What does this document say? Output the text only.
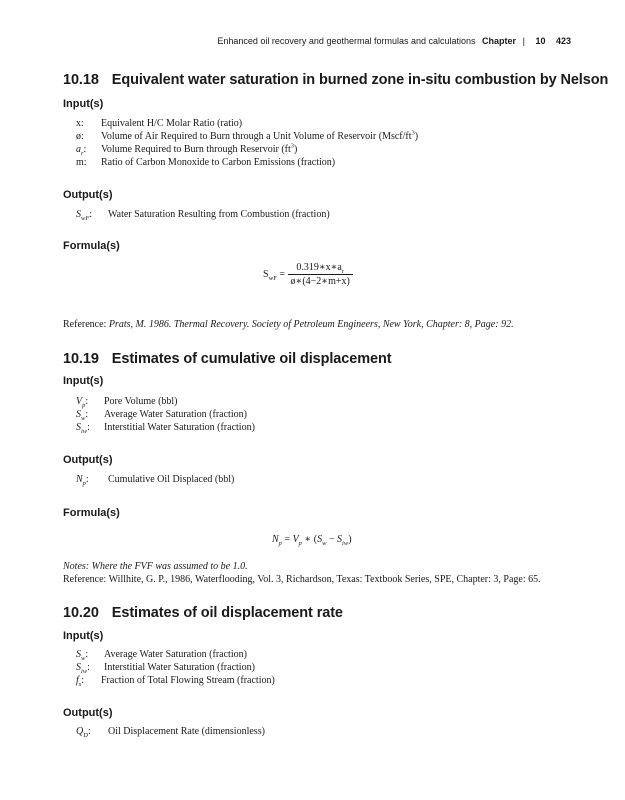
Enhanced oil recovery and geothermal formulas and calculations Chapter | 10 423
10.18 Equivalent water saturation in burned zone in-situ combustion by Nelson
Input(s)
x: Equivalent H/C Molar Ratio (ratio)
ø: Volume of Air Required to Burn through a Unit Volume of Reservoir $(Mscf/ft^3)$
$a_r$: Volume Required to Burn through Reservoir $(ft^3)$
m: Ratio of Carbon Monoxide to Carbon Emissions (fraction)
Output(s)
$S_{wF}$: Water Saturation Resulting from Combustion (fraction)
Formula(s)
$S_{wF} = \frac{0.319∗x∗a_r}{ø∗(4-2∗m+x)}$
Reference: Prats, M. 1986. Thermal Recovery. Society of Petroleum Engineers, New York, Chapter: 8, Page: 92.
10.19 Estimates of cumulative oil displacement
Input(s)
$V_p$: Pore Volume (bbl)
$S_w$: Average Water Saturation (fraction)
$S_{iw}$: Interstitial Water Saturation (fraction)
Output(s)
$N_p$: Cumulative Oil Displaced (bbl)
Formula(s)
$N_p = V_p$ ∗ $(S_w - S_{iw})$
Notes: Where the FVF was assumed to be 1.0.
Reference: Willhite, G. P., 1986, Waterflooding, Vol. 3, Richardson, Texas: Textbook Series, SPE, Chapter: 3, Page: 65.
10.20 Estimates of oil displacement rate
Input(s)
$S_w$: Average Water Saturation (fraction)
$S_{iw}$: Interstitial Water Saturation (fraction)
$f_s$: Fraction of Total Flowing Stream (fraction)
Output(s)
$Q_D$: Oil Displacement Rate (dimensionless)
